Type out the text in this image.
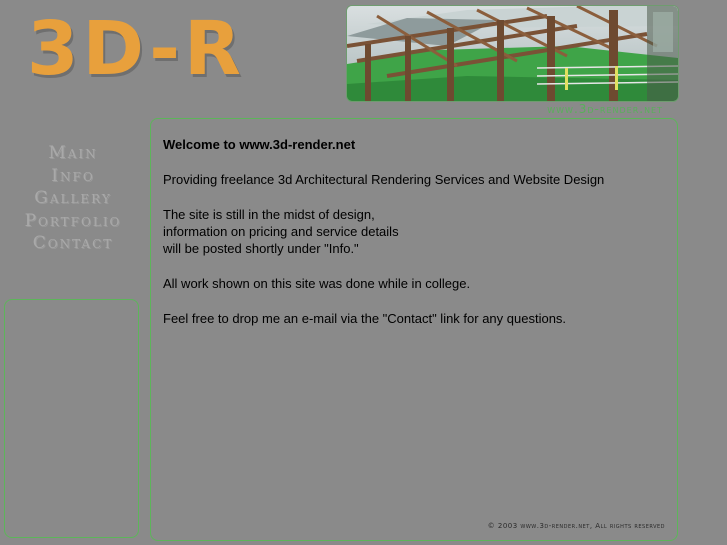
3D-R
www.3d-render.net
Main
Info
Gallery
Portfolio
Contact

Welcome to www.3d-render.net

Providing freelance 3d Architectural Rendering Services and Website Design

The site is still in the midst of design,
information on pricing and service details
will be posted shortly under "Info."

All work shown on this site was done while in college.

Feel free to drop me an e-mail via the "Contact" link for any questions.

© 2003 www.3d-render.net, All rights reserved
